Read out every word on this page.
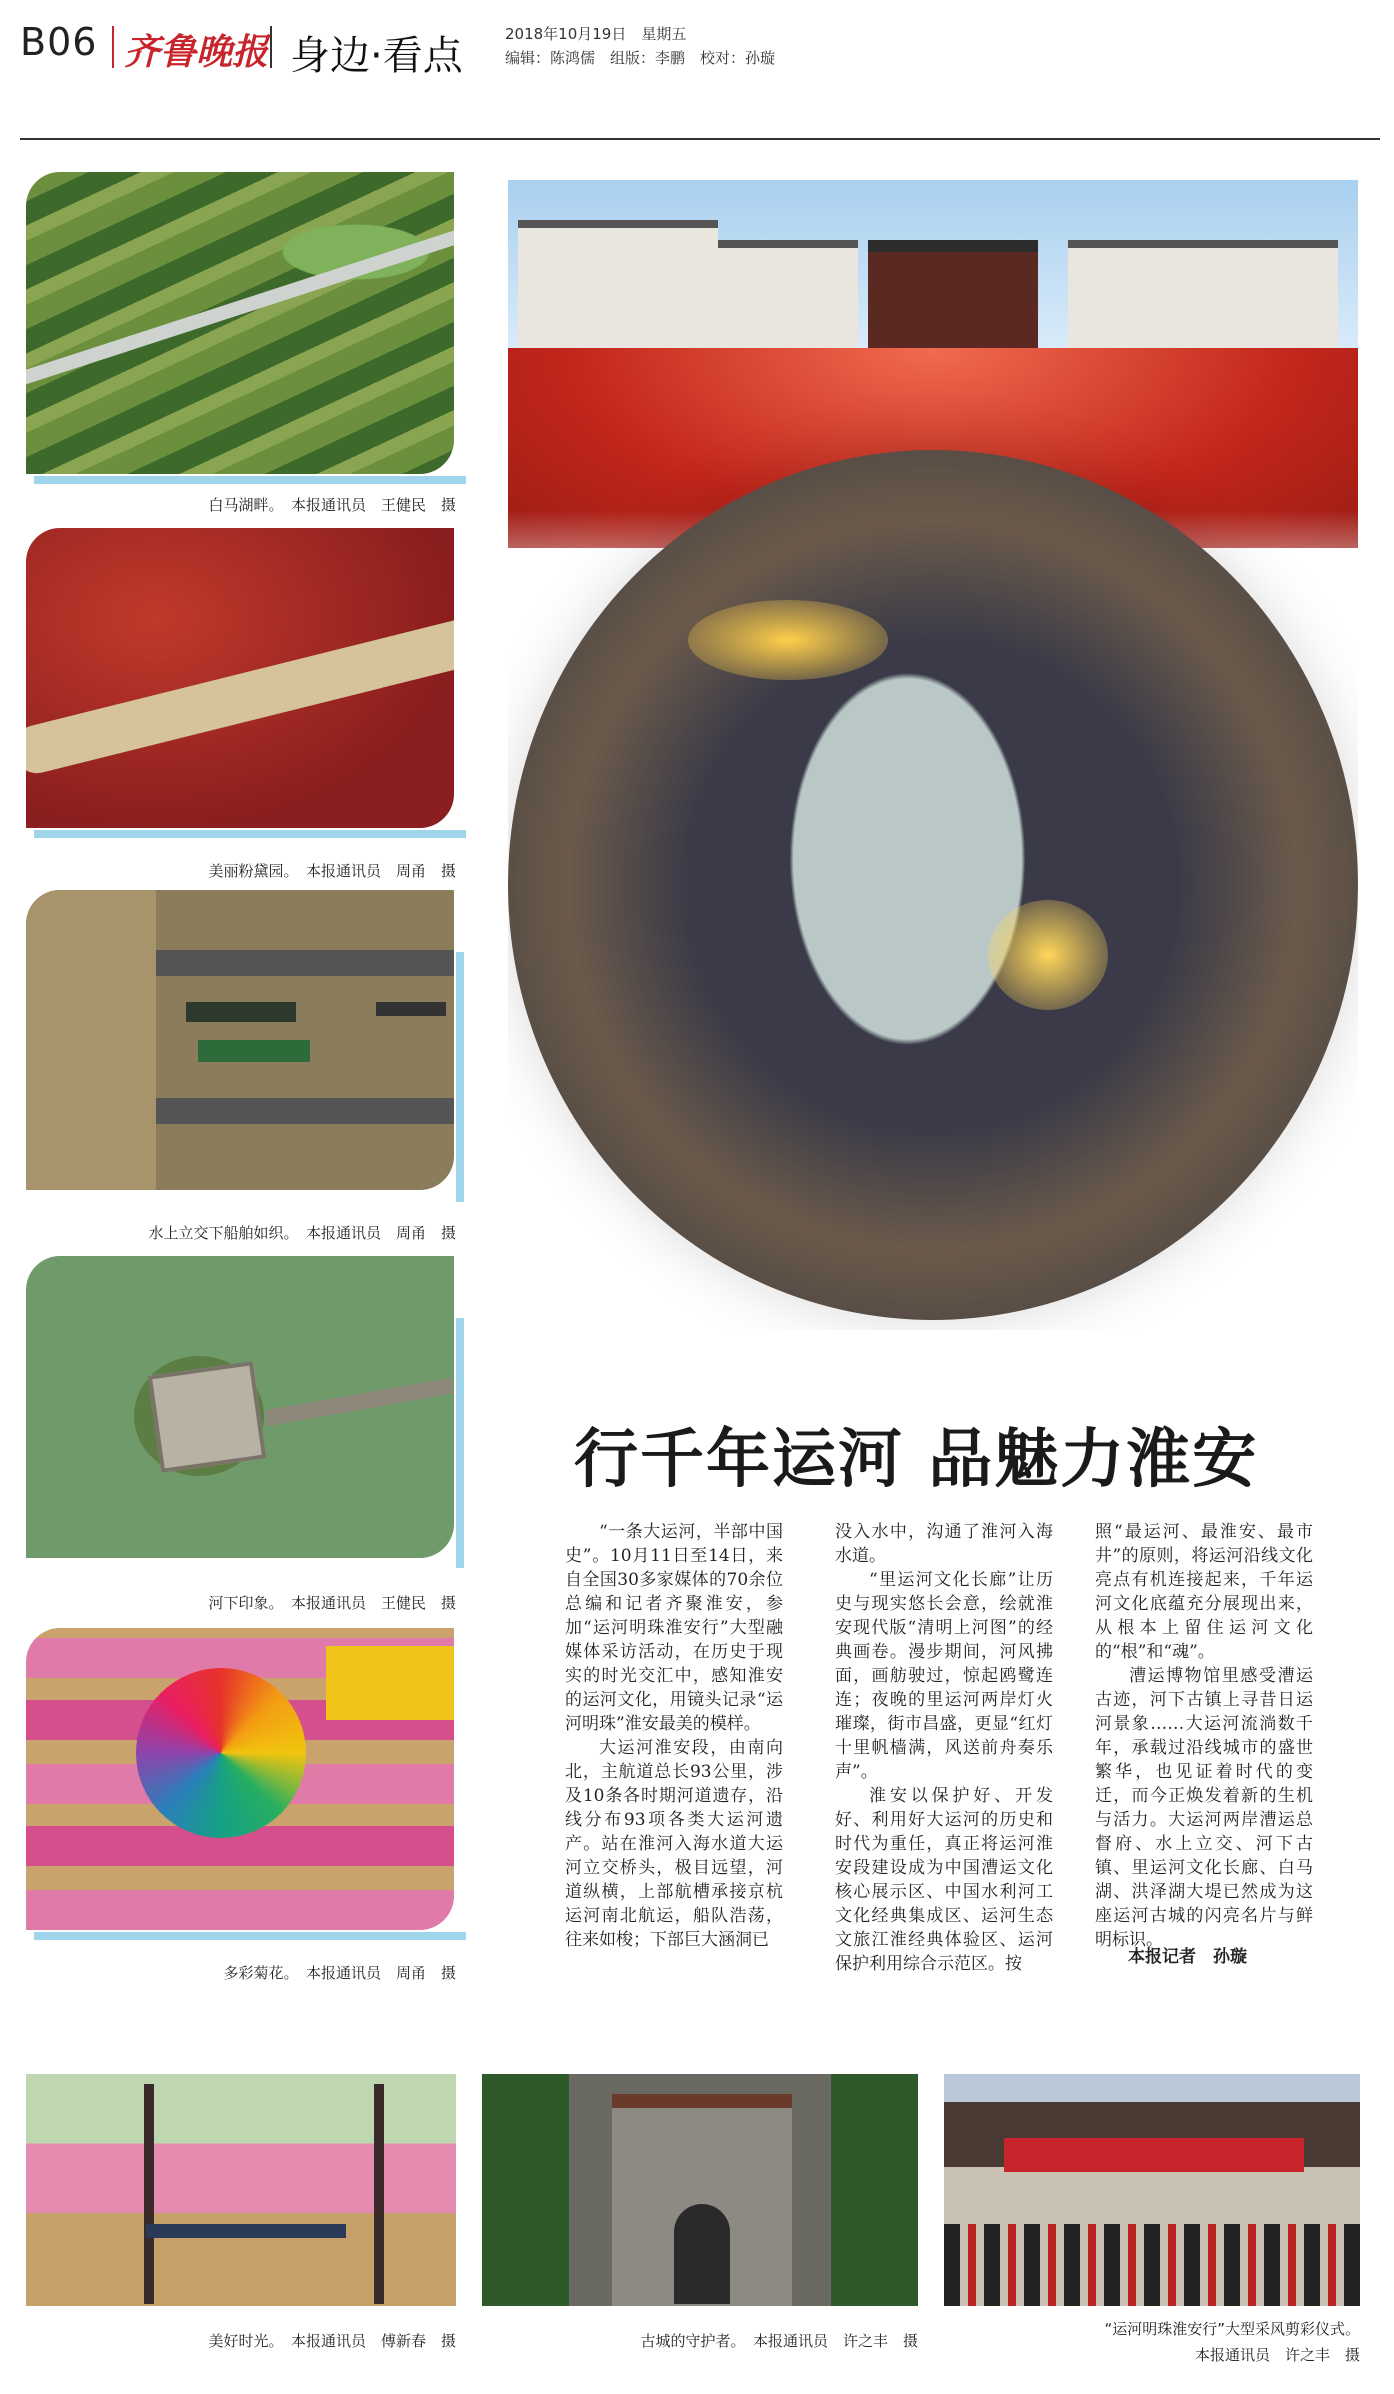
B06 齐鲁晚报 身边·看点	2018年10月19日　星期五
编辑：陈鸿儒　组版：李鹏　校对：孙璇
白马湖畔。　本报通讯员　王健民　摄
美丽粉黛园。　本报通讯员　周甬　摄
水上立交下船舶如织。　本报通讯员　周甬　摄
河下印象。　本报通讯员　王健民　摄
多彩菊花。　本报通讯员　周甬　摄
行千年运河 品魅力淮安

“一条大运河，半部中国史”。10月11日至14日，来自全国30多家媒体的70余位总编和记者齐聚淮安，参加“运河明珠淮安行”大型融媒体采访活动，在历史于现实的时光交汇中，感知淮安的运河文化，用镜头记录“运河明珠”淮安最美的模样。

大运河淮安段，由南向北，主航道总长93公里，涉及10条各时期河道遗存，沿线分布93项各类大运河遗产。站在淮河入海水道大运河立交桥头，极目远望，河道纵横，上部航槽承接京杭运河南北航运，船队浩荡，往来如梭；下部巨大涵洞已

没入水中，沟通了淮河入海水道。

“里运河文化长廊”让历史与现实悠长会意，绘就淮安现代版“清明上河图”的经典画卷。漫步期间，河风拂面，画舫驶过，惊起鸥鹭连连；夜晚的里运河两岸灯火璀璨，街市昌盛，更显“红灯十里帆樯满，风送前舟奏乐声”。

淮安以保护好、开发好、利用好大运河的历史和时代为重任，真正将运河淮安段建设成为中国漕运文化核心展示区、中国水利河工文化经典集成区、运河生态文旅江淮经典体验区、运河保护利用综合示范区。按

照“最运河、最淮安、最市井”的原则，将运河沿线文化亮点有机连接起来，千年运河文化底蕴充分展现出来，从根本上留住运河文化的“根”和“魂”。

漕运博物馆里感受漕运古迹，河下古镇上寻昔日运河景象……大运河流淌数千年，承载过沿线城市的盛世繁华，也见证着时代的变迁，而今正焕发着新的生机与活力。大运河两岸漕运总督府、水上立交、河下古镇、里运河文化长廊、白马湖、洪泽湖大堤已然成为这座运河古城的闪亮名片与鲜明标识。

本报记者　孙璇
美好时光。　本报通讯员　傅新春　摄	古城的守护者。　本报通讯员　许之丰　摄
“运河明珠淮安行”大型采风剪彩仪式。
本报通讯员　许之丰　摄
